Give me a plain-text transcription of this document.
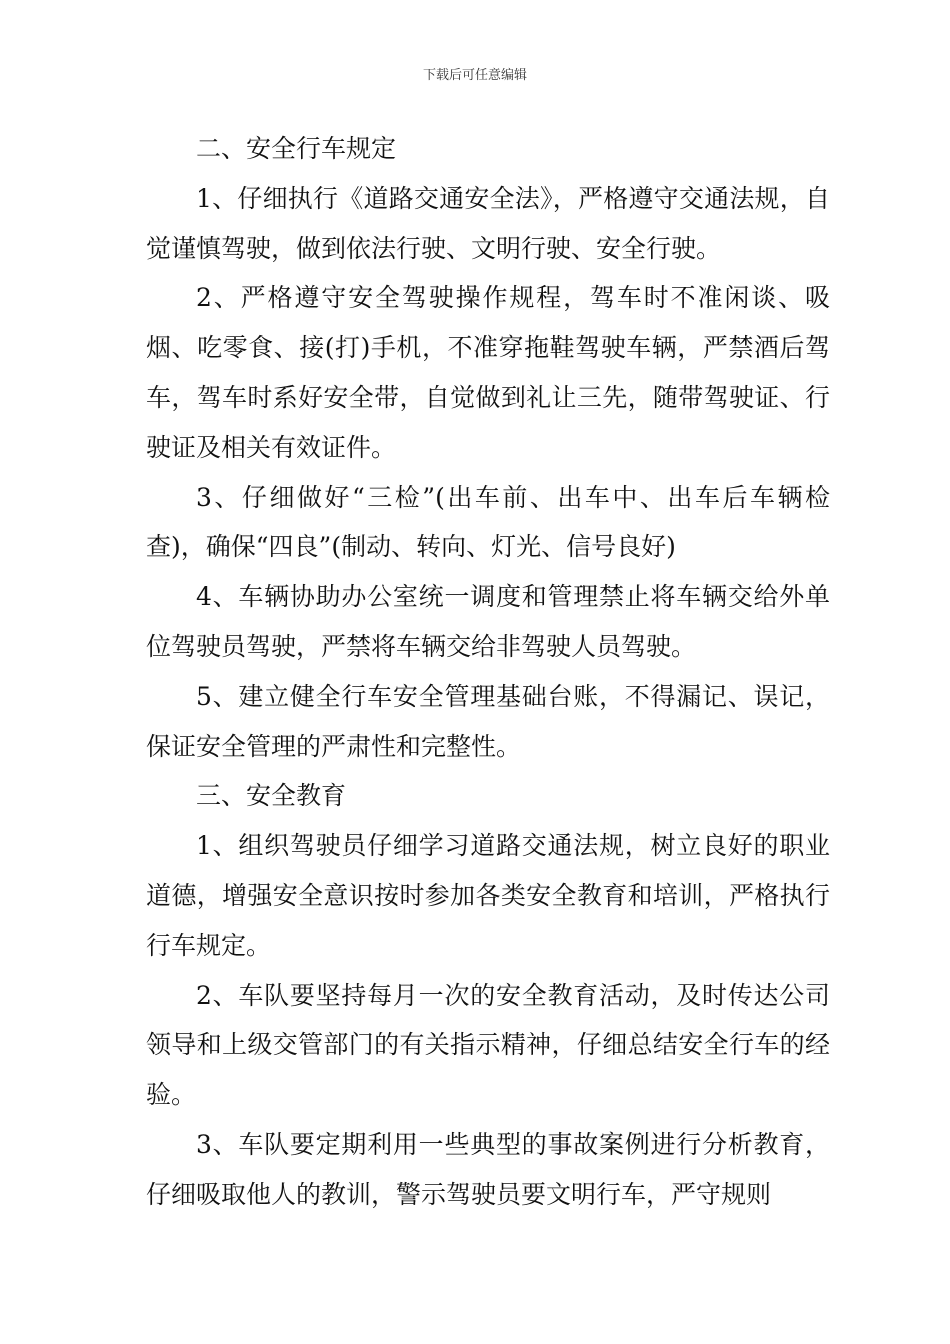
下载后可任意编辑

二、安全行车规定

1、仔细执行《道路交通安全法》，严格遵守交通法规，自觉谨慎驾驶，做到依法行驶、文明行驶、安全行驶。

2、严格遵守安全驾驶操作规程，驾车时不准闲谈、吸烟、吃零食、接(打)手机，不准穿拖鞋驾驶车辆，严禁酒后驾车，驾车时系好安全带，自觉做到礼让三先，随带驾驶证、行驶证及相关有效证件。

3、仔细做好“三检”(出车前、出车中、出车后车辆检查)，确保“四良”(制动、转向、灯光、信号良好)

4、车辆协助办公室统一调度和管理禁止将车辆交给外单位驾驶员驾驶，严禁将车辆交给非驾驶人员驾驶。

5、建立健全行车安全管理基础台账，不得漏记、误记，保证安全管理的严肃性和完整性。

三、安全教育

1、组织驾驶员仔细学习道路交通法规，树立良好的职业道德，增强安全意识按时参加各类安全教育和培训，严格执行行车规定。

2、车队要坚持每月一次的安全教育活动，及时传达公司领导和上级交管部门的有关指示精神，仔细总结安全行车的经验。

3、车队要定期利用一些典型的事故案例进行分析教育，仔细吸取他人的教训，警示驾驶员要文明行车，严守规则
